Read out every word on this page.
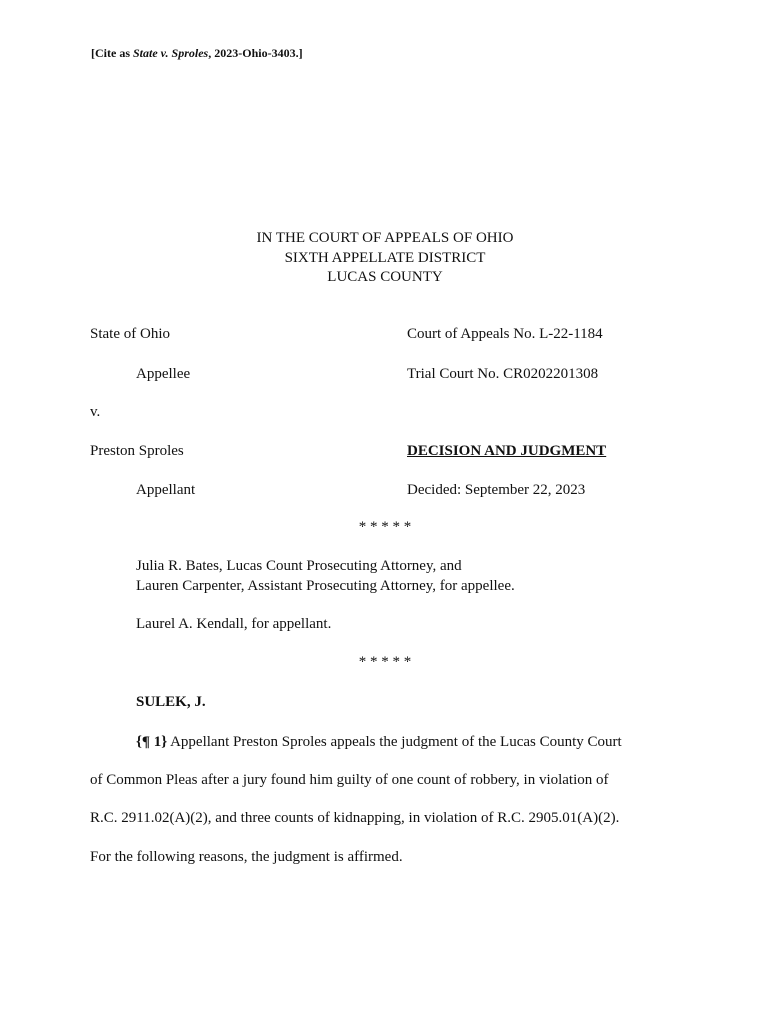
[Cite as State v. Sproles, 2023-Ohio-3403.]
IN THE COURT OF APPEALS OF OHIO
SIXTH APPELLATE DISTRICT
LUCAS COUNTY
State of Ohio	Court of Appeals No. L-22-1184
Appellee	Trial Court No. CR0202201308
v.
Preston Sproles	DECISION AND JUDGMENT
Appellant	Decided: September 22, 2023
* * * * *
Julia R. Bates, Lucas Count Prosecuting Attorney, and
Lauren Carpenter, Assistant Prosecuting Attorney, for appellee.
Laurel A. Kendall, for appellant.
* * * * *
SULEK, J.
{¶ 1} Appellant Preston Sproles appeals the judgment of the Lucas County Court
of Common Pleas after a jury found him guilty of one count of robbery, in violation of
R.C. 2911.02(A)(2), and three counts of kidnapping, in violation of R.C. 2905.01(A)(2).
For the following reasons, the judgment is affirmed.
